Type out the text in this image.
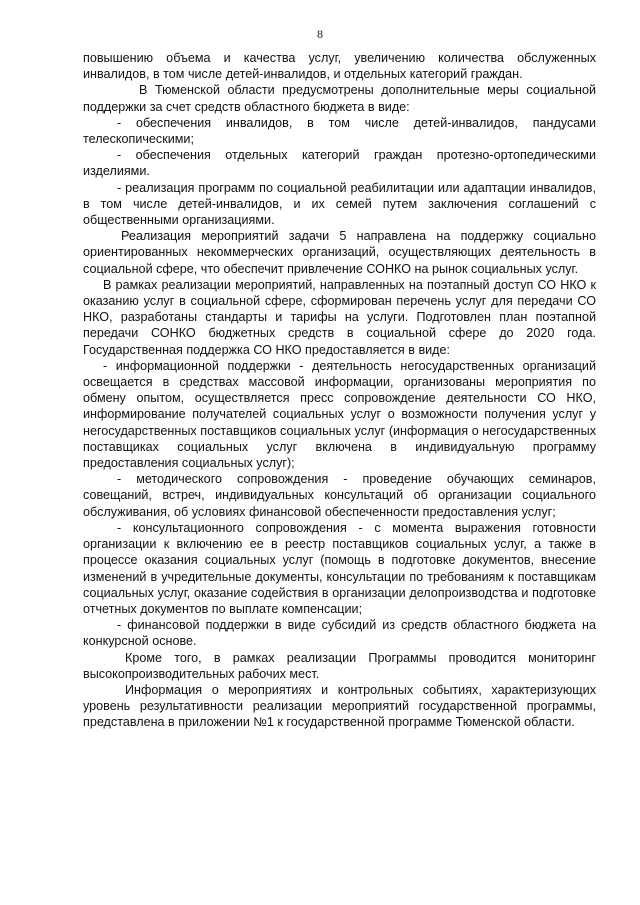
8

повышению объема и качества услуг, увеличению количества обслуженных инвалидов, в том числе детей-инвалидов, и отдельных категорий граждан.

В Тюменской области предусмотрены дополнительные меры социальной поддержки за счет средств областного бюджета в виде:

- обеспечения инвалидов, в том числе детей-инвалидов, пандусами телескопическими;

- обеспечения отдельных категорий граждан протезно-ортопедическими изделиями.

- реализация программ по социальной реабилитации или адаптации инвалидов, в том числе детей-инвалидов, и их семей путем заключения соглашений с общественными организациями.

Реализация мероприятий задачи 5 направлена на поддержку социально ориентированных некоммерческих организаций, осуществляющих деятельность в социальной сфере, что обеспечит привлечение СОНКО на рынок социальных услуг.

В рамках реализации мероприятий, направленных на поэтапный доступ СО НКО к оказанию услуг в социальной сфере, сформирован перечень услуг для передачи СО НКО, разработаны стандарты и тарифы на услуги. Подготовлен план поэтапной передачи СОНКО бюджетных средств в социальной сфере до 2020 года. Государственная поддержка СО НКО предоставляется в виде:

- информационной поддержки - деятельность негосударственных организаций освещается в средствах массовой информации, организованы мероприятия по обмену опытом, осуществляется пресс сопровождение деятельности СО НКО, информирование получателей социальных услуг о возможности получения услуг у негосударственных поставщиков социальных услуг (информация о негосударственных поставщиках социальных услуг включена в индивидуальную программу предоставления социальных услуг);

- методического сопровождения - проведение обучающих семинаров, совещаний, встреч, индивидуальных консультаций об организации социального обслуживания, об условиях финансовой обеспеченности предоставления услуг;

- консультационного сопровождения - с момента выражения готовности организации к включению ее в реестр поставщиков социальных услуг, а также в процессе оказания социальных услуг (помощь в подготовке документов, внесение изменений в учредительные документы, консультации по требованиям к поставщикам социальных услуг, оказание содействия в организации делопроизводства и подготовке отчетных документов по выплате компенсации;

- финансовой поддержки в виде субсидий из средств областного бюджета на конкурсной основе.

Кроме того, в рамках реализации Программы проводится мониторинг высокопроизводительных рабочих мест.

Информация о мероприятиях и контрольных событиях, характеризующих уровень результативности реализации мероприятий государственной программы, представлена в приложении №1 к государственной программе Тюменской области.
